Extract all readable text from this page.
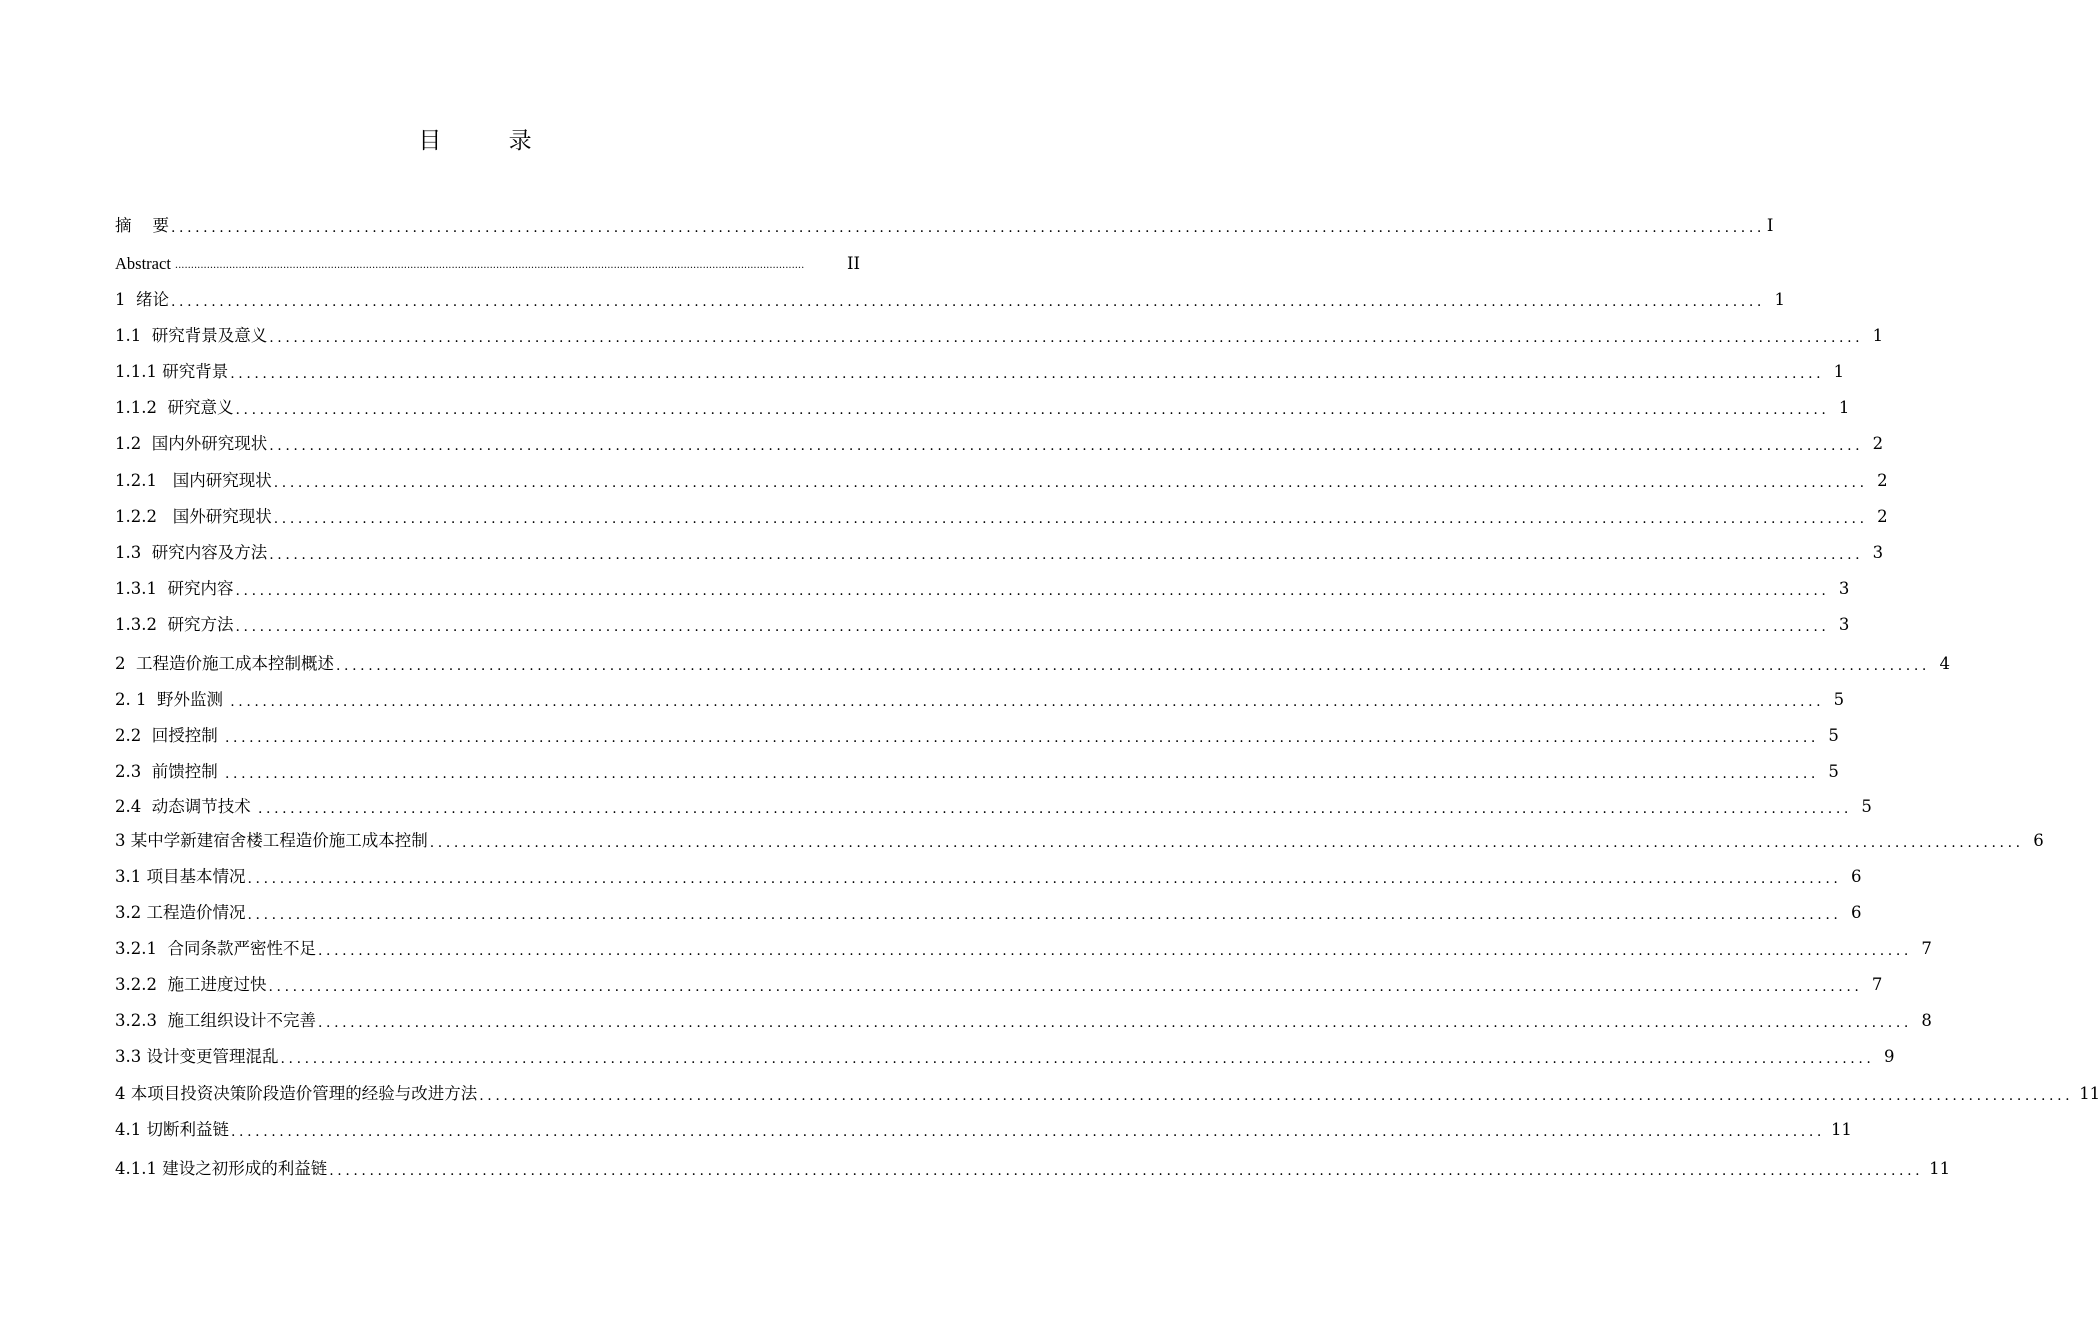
目 录
摘    要 ...................................................................................................................................................................................................... I
Abstract ......................................................................................................................................................................................................	II
1  绪论 ...................................................................................................................................................................................................... 1
1.1  研究背景及意义 ...................................................................................................................................................................................................... 1
1.1.1 研究背景 ...................................................................................................................................................................................................... 1
1.1.2  研究意义 ...................................................................................................................................................................................................... 1
1.2  国内外研究现状 ...................................................................................................................................................................................................... 2
1.2.1   国内研究现状 ...................................................................................................................................................................................................... 2
1.2.2   国外研究现状 ...................................................................................................................................................................................................... 2
1.3  研究内容及方法 ...................................................................................................................................................................................................... 3
1.3.1  研究内容 ...................................................................................................................................................................................................... 3
1.3.2  研究方法 ...................................................................................................................................................................................................... 3
2  工程造价施工成本控制概述 ...................................................................................................................................................................................................... 4
2. 1  野外监测 ...................................................................................................................................................................................................... 5
2.2  回授控制 ...................................................................................................................................................................................................... 5
2.3  前馈控制 ...................................................................................................................................................................................................... 5
2.4  动态调节技术 ...................................................................................................................................................................................................... 5
3 某中学新建宿舍楼工程造价施工成本控制 ...................................................................................................................................................................................................... 6
3.1 项目基本情况 ...................................................................................................................................................................................................... 6
3.2 工程造价情况 ...................................................................................................................................................................................................... 6
3.2.1  合同条款严密性不足 ...................................................................................................................................................................................................... 7
3.2.2  施工进度过快 ...................................................................................................................................................................................................... 7
3.2.3  施工组织设计不完善 ...................................................................................................................................................................................................... 8
3.3 设计变更管理混乱 ...................................................................................................................................................................................................... 9
4 本项目投资决策阶段造价管理的经验与改进方法 ...................................................................................................................................................................................................... 11
4.1 切断利益链 ...................................................................................................................................................................................................... 11
4.1.1 建设之初形成的利益链 ...................................................................................................................................................................................................... 11
